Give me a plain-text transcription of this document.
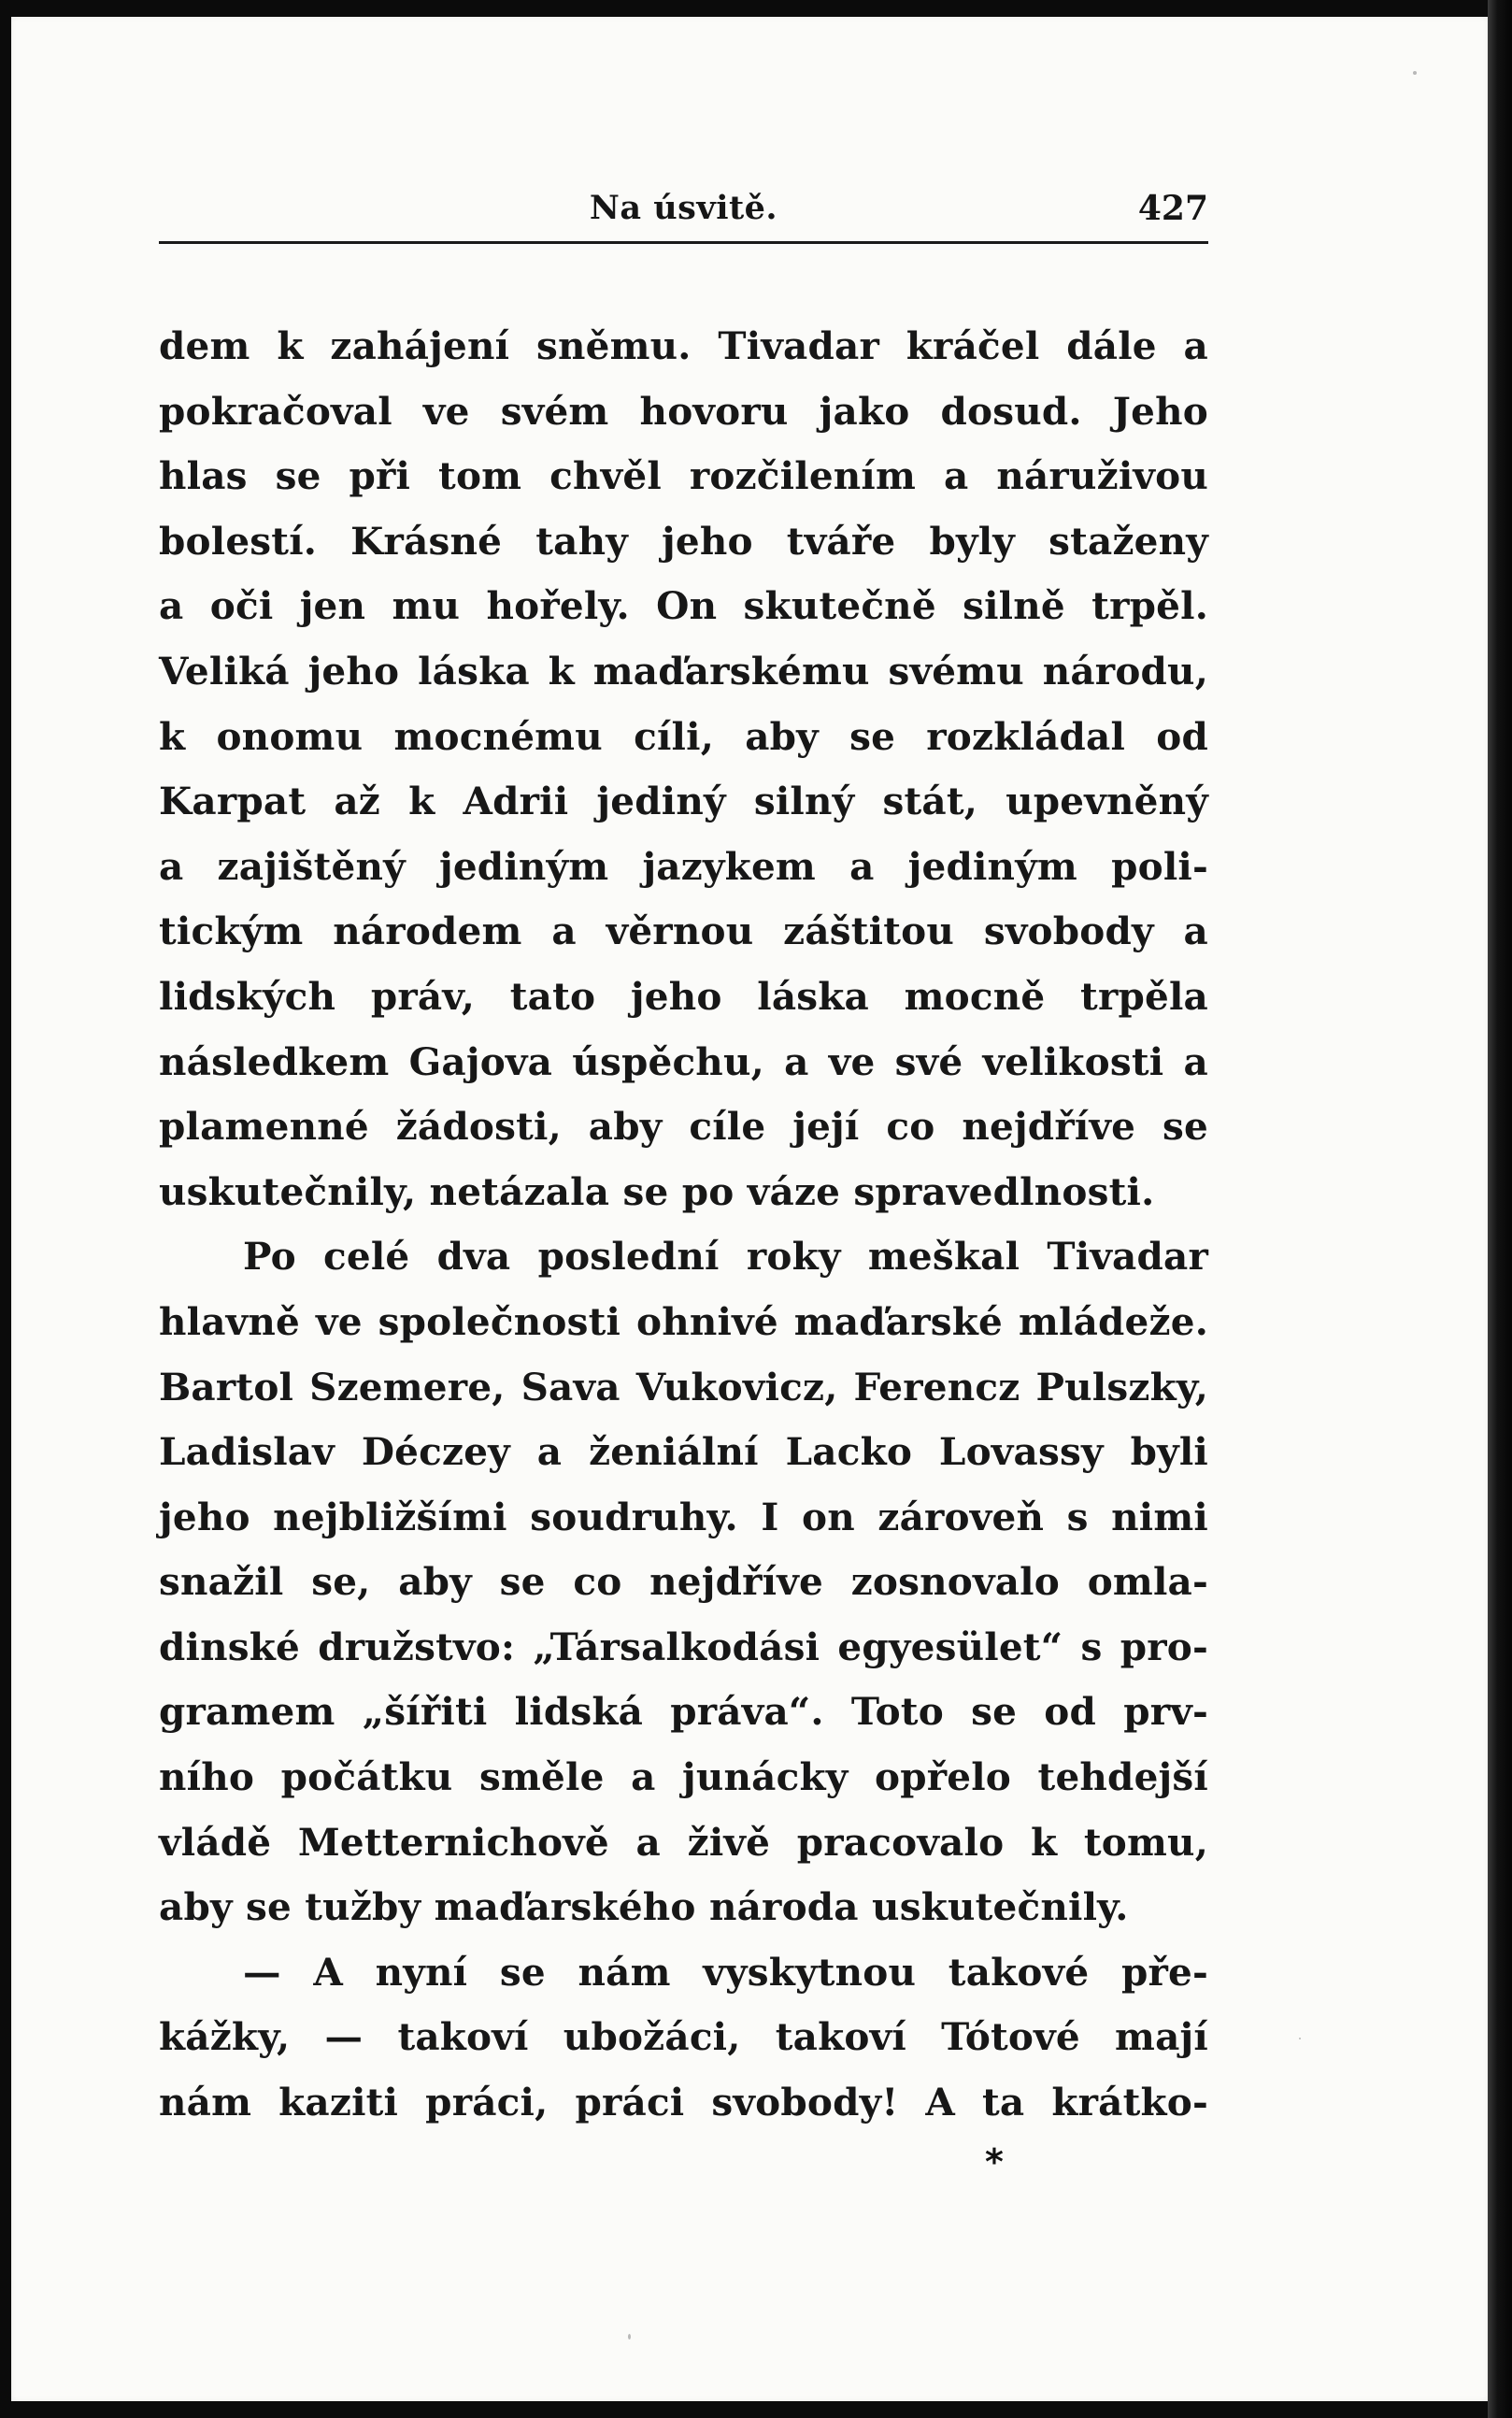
Na úsvitě.	427
dem k zahájení sněmu. Tivadar kráčel dále a
pokračoval ve svém hovoru jako dosud. Jeho
hlas se při tom chvěl rozčilením a náruživou
bolestí. Krásné tahy jeho tváře byly staženy
a oči jen mu hořely. On skutečně silně trpěl.
Veliká jeho láska k maďarskému svému národu,
k onomu mocnému cíli, aby se rozkládal od
Karpat až k Adrii jediný silný stát, upevněný
a zajištěný jediným jazykem a jediným poli-
tickým národem a věrnou záštitou svobody a
lidských práv, tato jeho láska mocně trpěla
následkem Gajova úspěchu, a ve své velikosti a
plamenné žádosti, aby cíle její co nejdříve se
uskutečnily, netázala se po váze spravedlnosti.
Po celé dva poslední roky meškal Tivadar
hlavně ve společnosti ohnivé maďarské mládeže.
Bartol Szemere, Sava Vukovicz, Ferencz Pulszky,
Ladislav Déczey a ženiální Lacko Lovassy byli
jeho nejbližšími soudruhy. I on zároveň s nimi
snažil se, aby se co nejdříve zosnovalo omla-
dinské družstvo: „Társalkodási egyesület“ s pro-
gramem „šířiti lidská práva“. Toto se od prv-
ního počátku směle a junácky opřelo tehdejší
vládě Metternichově a živě pracovalo k tomu,
aby se tužby maďarského národa uskutečnily.
— A nyní se nám vyskytnou takové pře-
kážky, — takoví ubožáci, takoví Tótové mají
nám kaziti práci, práci svobody! A ta krátko-
*
